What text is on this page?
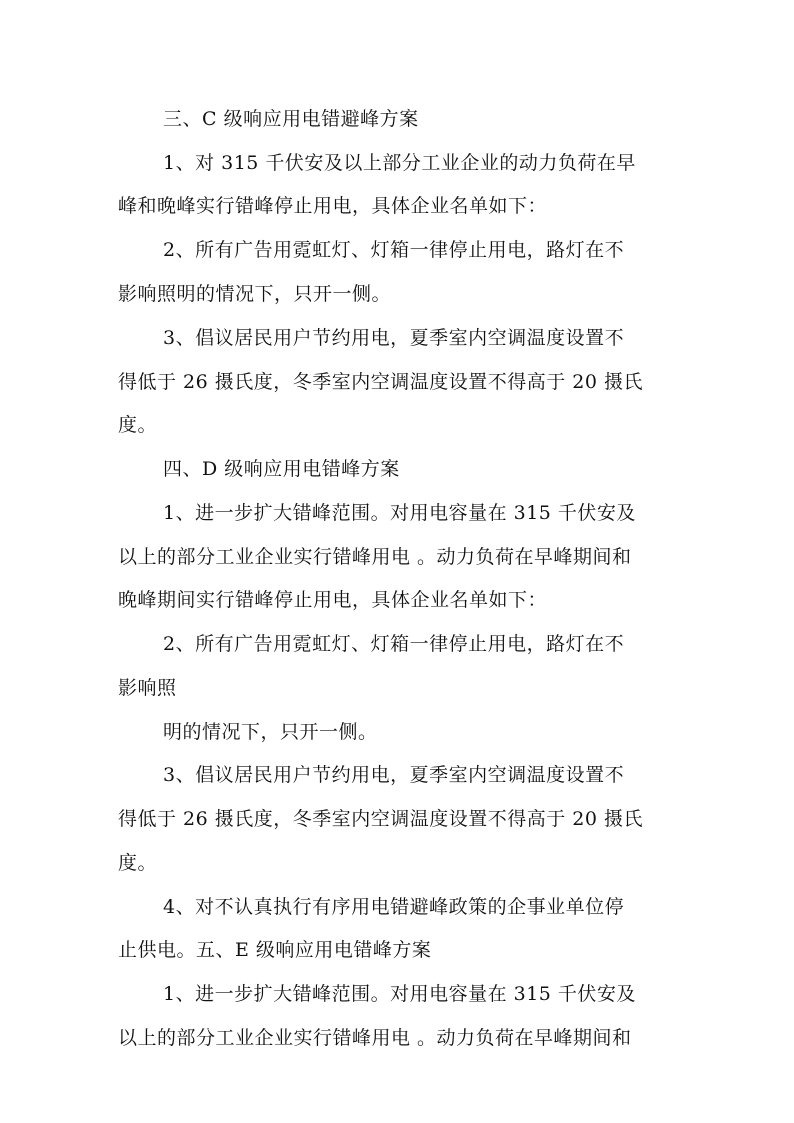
三、C 级响应用电错避峰方案
1、对 315 千伏安及以上部分工业企业的动力负荷在早
峰和晚峰实行错峰停止用电，具体企业名单如下：
2、所有广告用霓虹灯、灯箱一律停止用电，路灯在不
影响照明的情况下，只开一侧。
3、倡议居民用户节约用电，夏季室内空调温度设置不
得低于 26 摄氏度，冬季室内空调温度设置不得高于 20 摄氏
度。
四、D 级响应用电错峰方案
1、进一步扩大错峰范围。对用电容量在 315 千伏安及
以上的部分工业企业实行错峰用电 。动力负荷在早峰期间和
晚峰期间实行错峰停止用电，具体企业名单如下：
2、所有广告用霓虹灯、灯箱一律停止用电，路灯在不
影响照
明的情况下，只开一侧。
3、倡议居民用户节约用电，夏季室内空调温度设置不
得低于 26 摄氏度，冬季室内空调温度设置不得高于 20 摄氏
度。
4、对不认真执行有序用电错避峰政策的企事业单位停
止供电。五、E 级响应用电错峰方案
1、进一步扩大错峰范围。对用电容量在 315 千伏安及
以上的部分工业企业实行错峰用电 。动力负荷在早峰期间和
